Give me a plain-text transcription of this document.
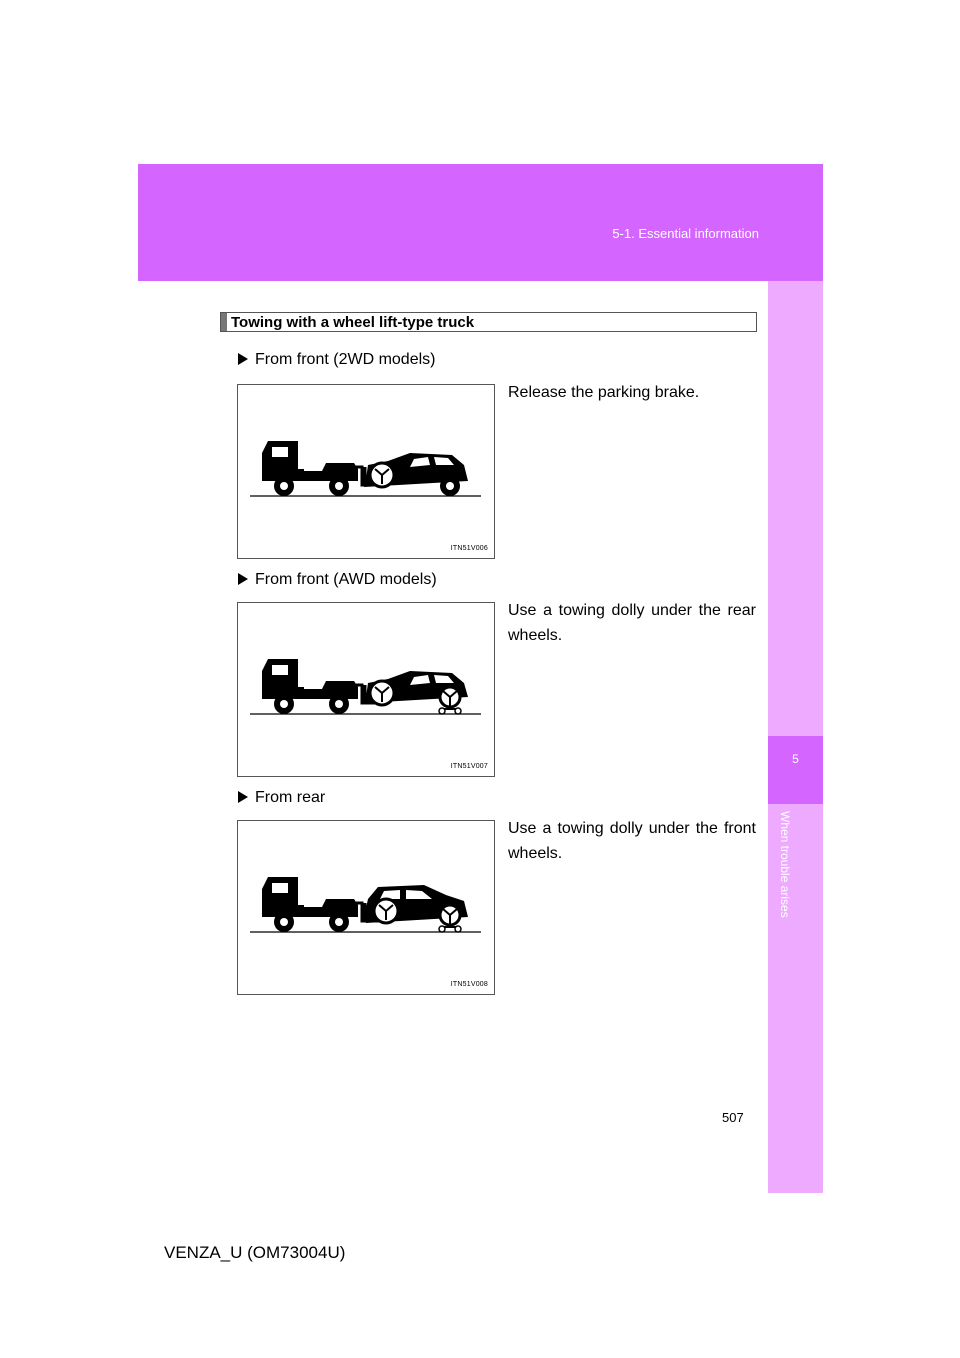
5-1. Essential information
5
When trouble arises
Towing with a wheel lift-type truck
From front (2WD models)
Release the parking brake.
ITN51V006
From front (AWD models)
Use a towing dolly under the rear wheels.
ITN51V007
From rear
Use a towing dolly under the front wheels.
ITN51V008
507
VENZA_U (OM73004U)
